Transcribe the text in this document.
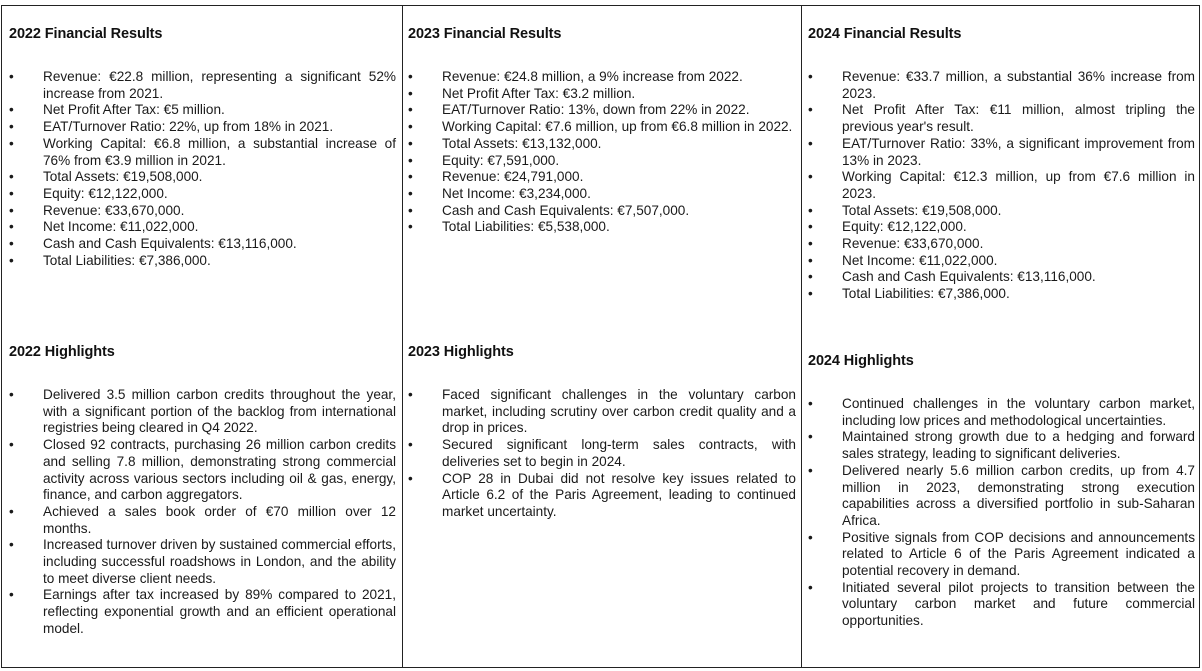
2022 Financial Results
• Revenue: €22.8 million, representing a significant 52% increase from 2021.
• Net Profit After Tax: €5 million.
• EAT/Turnover Ratio: 22%, up from 18% in 2021.
• Working Capital: €6.8 million, a substantial increase of 76% from €3.9 million in 2021.
• Total Assets: €19,508,000.
• Equity: €12,122,000.
• Revenue: €33,670,000.
• Net Income: €11,022,000.
• Cash and Cash Equivalents: €13,116,000.
• Total Liabilities: €7,386,000.
2022 Highlights
• Delivered 3.5 million carbon credits throughout the year, with a significant portion of the backlog from international registries being cleared in Q4 2022.
• Closed 92 contracts, purchasing 26 million carbon credits and selling 7.8 million, demonstrating strong commercial activity across various sectors including oil & gas, energy, finance, and carbon aggregators.
• Achieved a sales book order of €70 million over 12 months.
• Increased turnover driven by sustained commercial efforts, including successful roadshows in London, and the ability to meet diverse client needs.
• Earnings after tax increased by 89% compared to 2021, reflecting exponential growth and an efficient operational model.
2023 Financial Results
• Revenue: €24.8 million, a 9% increase from 2022.
• Net Profit After Tax: €3.2 million.
• EAT/Turnover Ratio: 13%, down from 22% in 2022.
• Working Capital: €7.6 million, up from €6.8 million in 2022.
• Total Assets: €13,132,000.
• Equity: €7,591,000.
• Revenue: €24,791,000.
• Net Income: €3,234,000.
• Cash and Cash Equivalents: €7,507,000.
• Total Liabilities: €5,538,000.
2023 Highlights
• Faced significant challenges in the voluntary carbon market, including scrutiny over carbon credit quality and a drop in prices.
• Secured significant long-term sales contracts, with deliveries set to begin in 2024.
• COP 28 in Dubai did not resolve key issues related to Article 6.2 of the Paris Agreement, leading to continued market uncertainty.
2024 Financial Results
• Revenue: €33.7 million, a substantial 36% increase from 2023.
• Net Profit After Tax: €11 million, almost tripling the previous year's result.
• EAT/Turnover Ratio: 33%, a significant improvement from 13% in 2023.
• Working Capital: €12.3 million, up from €7.6 million in 2023.
• Total Assets: €19,508,000.
• Equity: €12,122,000.
• Revenue: €33,670,000.
• Net Income: €11,022,000.
• Cash and Cash Equivalents: €13,116,000.
• Total Liabilities: €7,386,000.
2024 Highlights
• Continued challenges in the voluntary carbon market, including low prices and methodological uncertainties.
• Maintained strong growth due to a hedging and forward sales strategy, leading to significant deliveries.
• Delivered nearly 5.6 million carbon credits, up from 4.7 million in 2023, demonstrating strong execution capabilities across a diversified portfolio in sub-Saharan Africa.
• Positive signals from COP decisions and announcements related to Article 6 of the Paris Agreement indicated a potential recovery in demand.
• Initiated several pilot projects to transition between the voluntary carbon market and future commercial opportunities.
